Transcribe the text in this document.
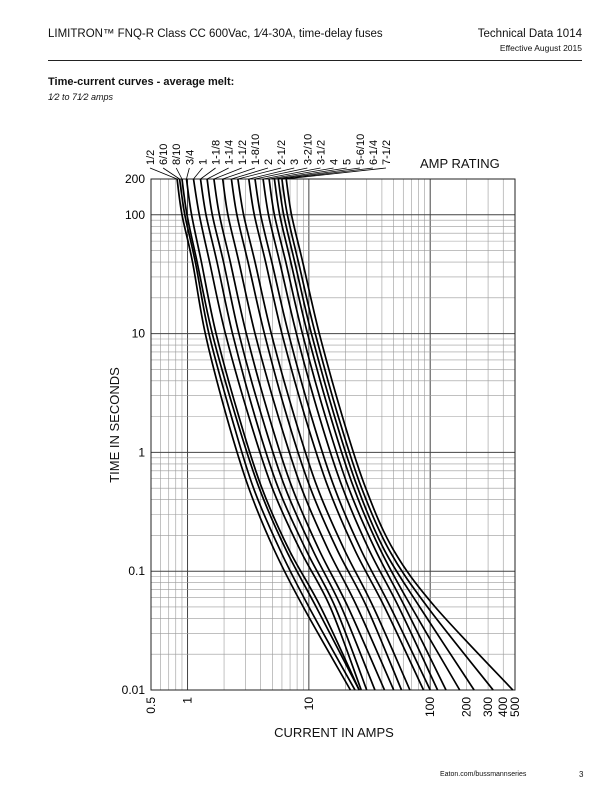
LIMITRON™ FNQ-R Class CC 600Vac, 1⁄4-30A, time-delay fuses	Technical Data 1014
Effective August 2015
Time-current curves - average melt:
1⁄2 to 71⁄2 amps
0.5 1	10	100 200 300 400
500
0.01
0.1
1
10
100
200
1/2 6/10 8/10 3/4 1 1-1/8 1-1/4 1-1/2 1-8/10 2 2-1/2 3 3-2/10 3-1/2 4 5 5-6/10 6-1/4 7-1/2 AMP RATING
CURRENT IN AMPS
TIME IN SECONDS
Eaton.com/bussmannseries	3
